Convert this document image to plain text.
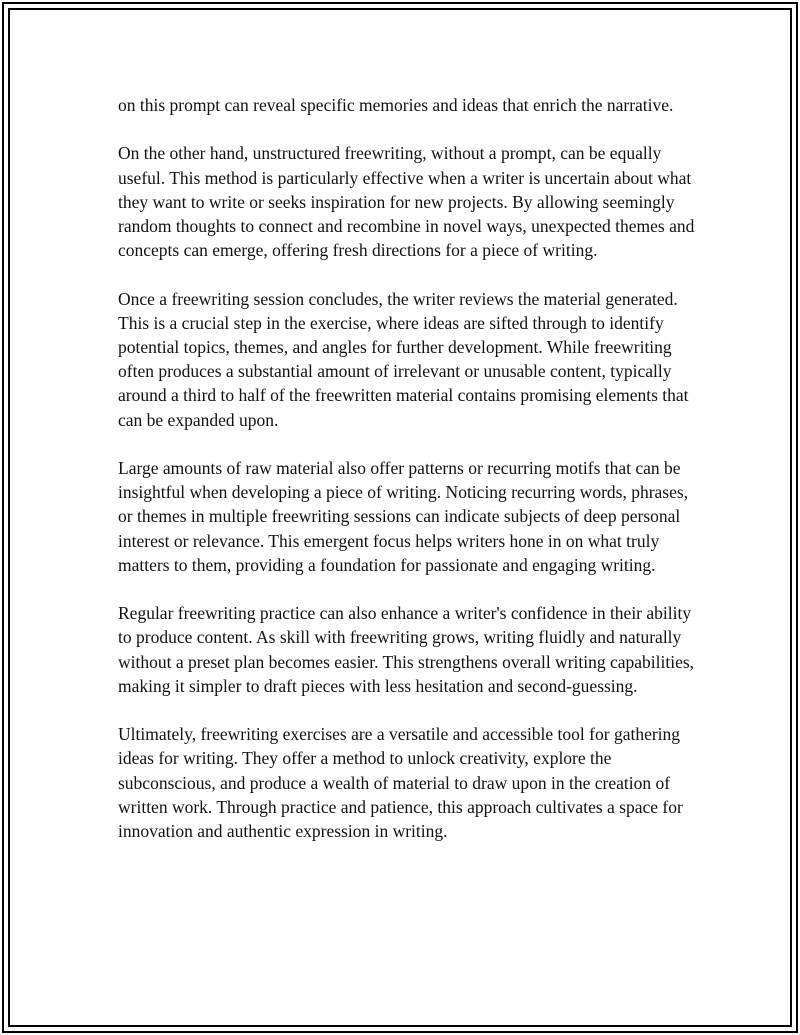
on this prompt can reveal specific memories and ideas that enrich the narrative.

On the other hand, unstructured freewriting, without a prompt, can be equally useful. This method is particularly effective when a writer is uncertain about what they want to write or seeks inspiration for new projects. By allowing seemingly random thoughts to connect and recombine in novel ways, unexpected themes and concepts can emerge, offering fresh directions for a piece of writing.

Once a freewriting session concludes, the writer reviews the material generated. This is a crucial step in the exercise, where ideas are sifted through to identify potential topics, themes, and angles for further development. While freewriting often produces a substantial amount of irrelevant or unusable content, typically around a third to half of the freewritten material contains promising elements that can be expanded upon.

Large amounts of raw material also offer patterns or recurring motifs that can be insightful when developing a piece of writing. Noticing recurring words, phrases, or themes in multiple freewriting sessions can indicate subjects of deep personal interest or relevance. This emergent focus helps writers hone in on what truly matters to them, providing a foundation for passionate and engaging writing.

Regular freewriting practice can also enhance a writer's confidence in their ability to produce content. As skill with freewriting grows, writing fluidly and naturally without a preset plan becomes easier. This strengthens overall writing capabilities, making it simpler to draft pieces with less hesitation and second-guessing.

Ultimately, freewriting exercises are a versatile and accessible tool for gathering ideas for writing. They offer a method to unlock creativity, explore the subconscious, and produce a wealth of material to draw upon in the creation of written work. Through practice and patience, this approach cultivates a space for innovation and authentic expression in writing.
